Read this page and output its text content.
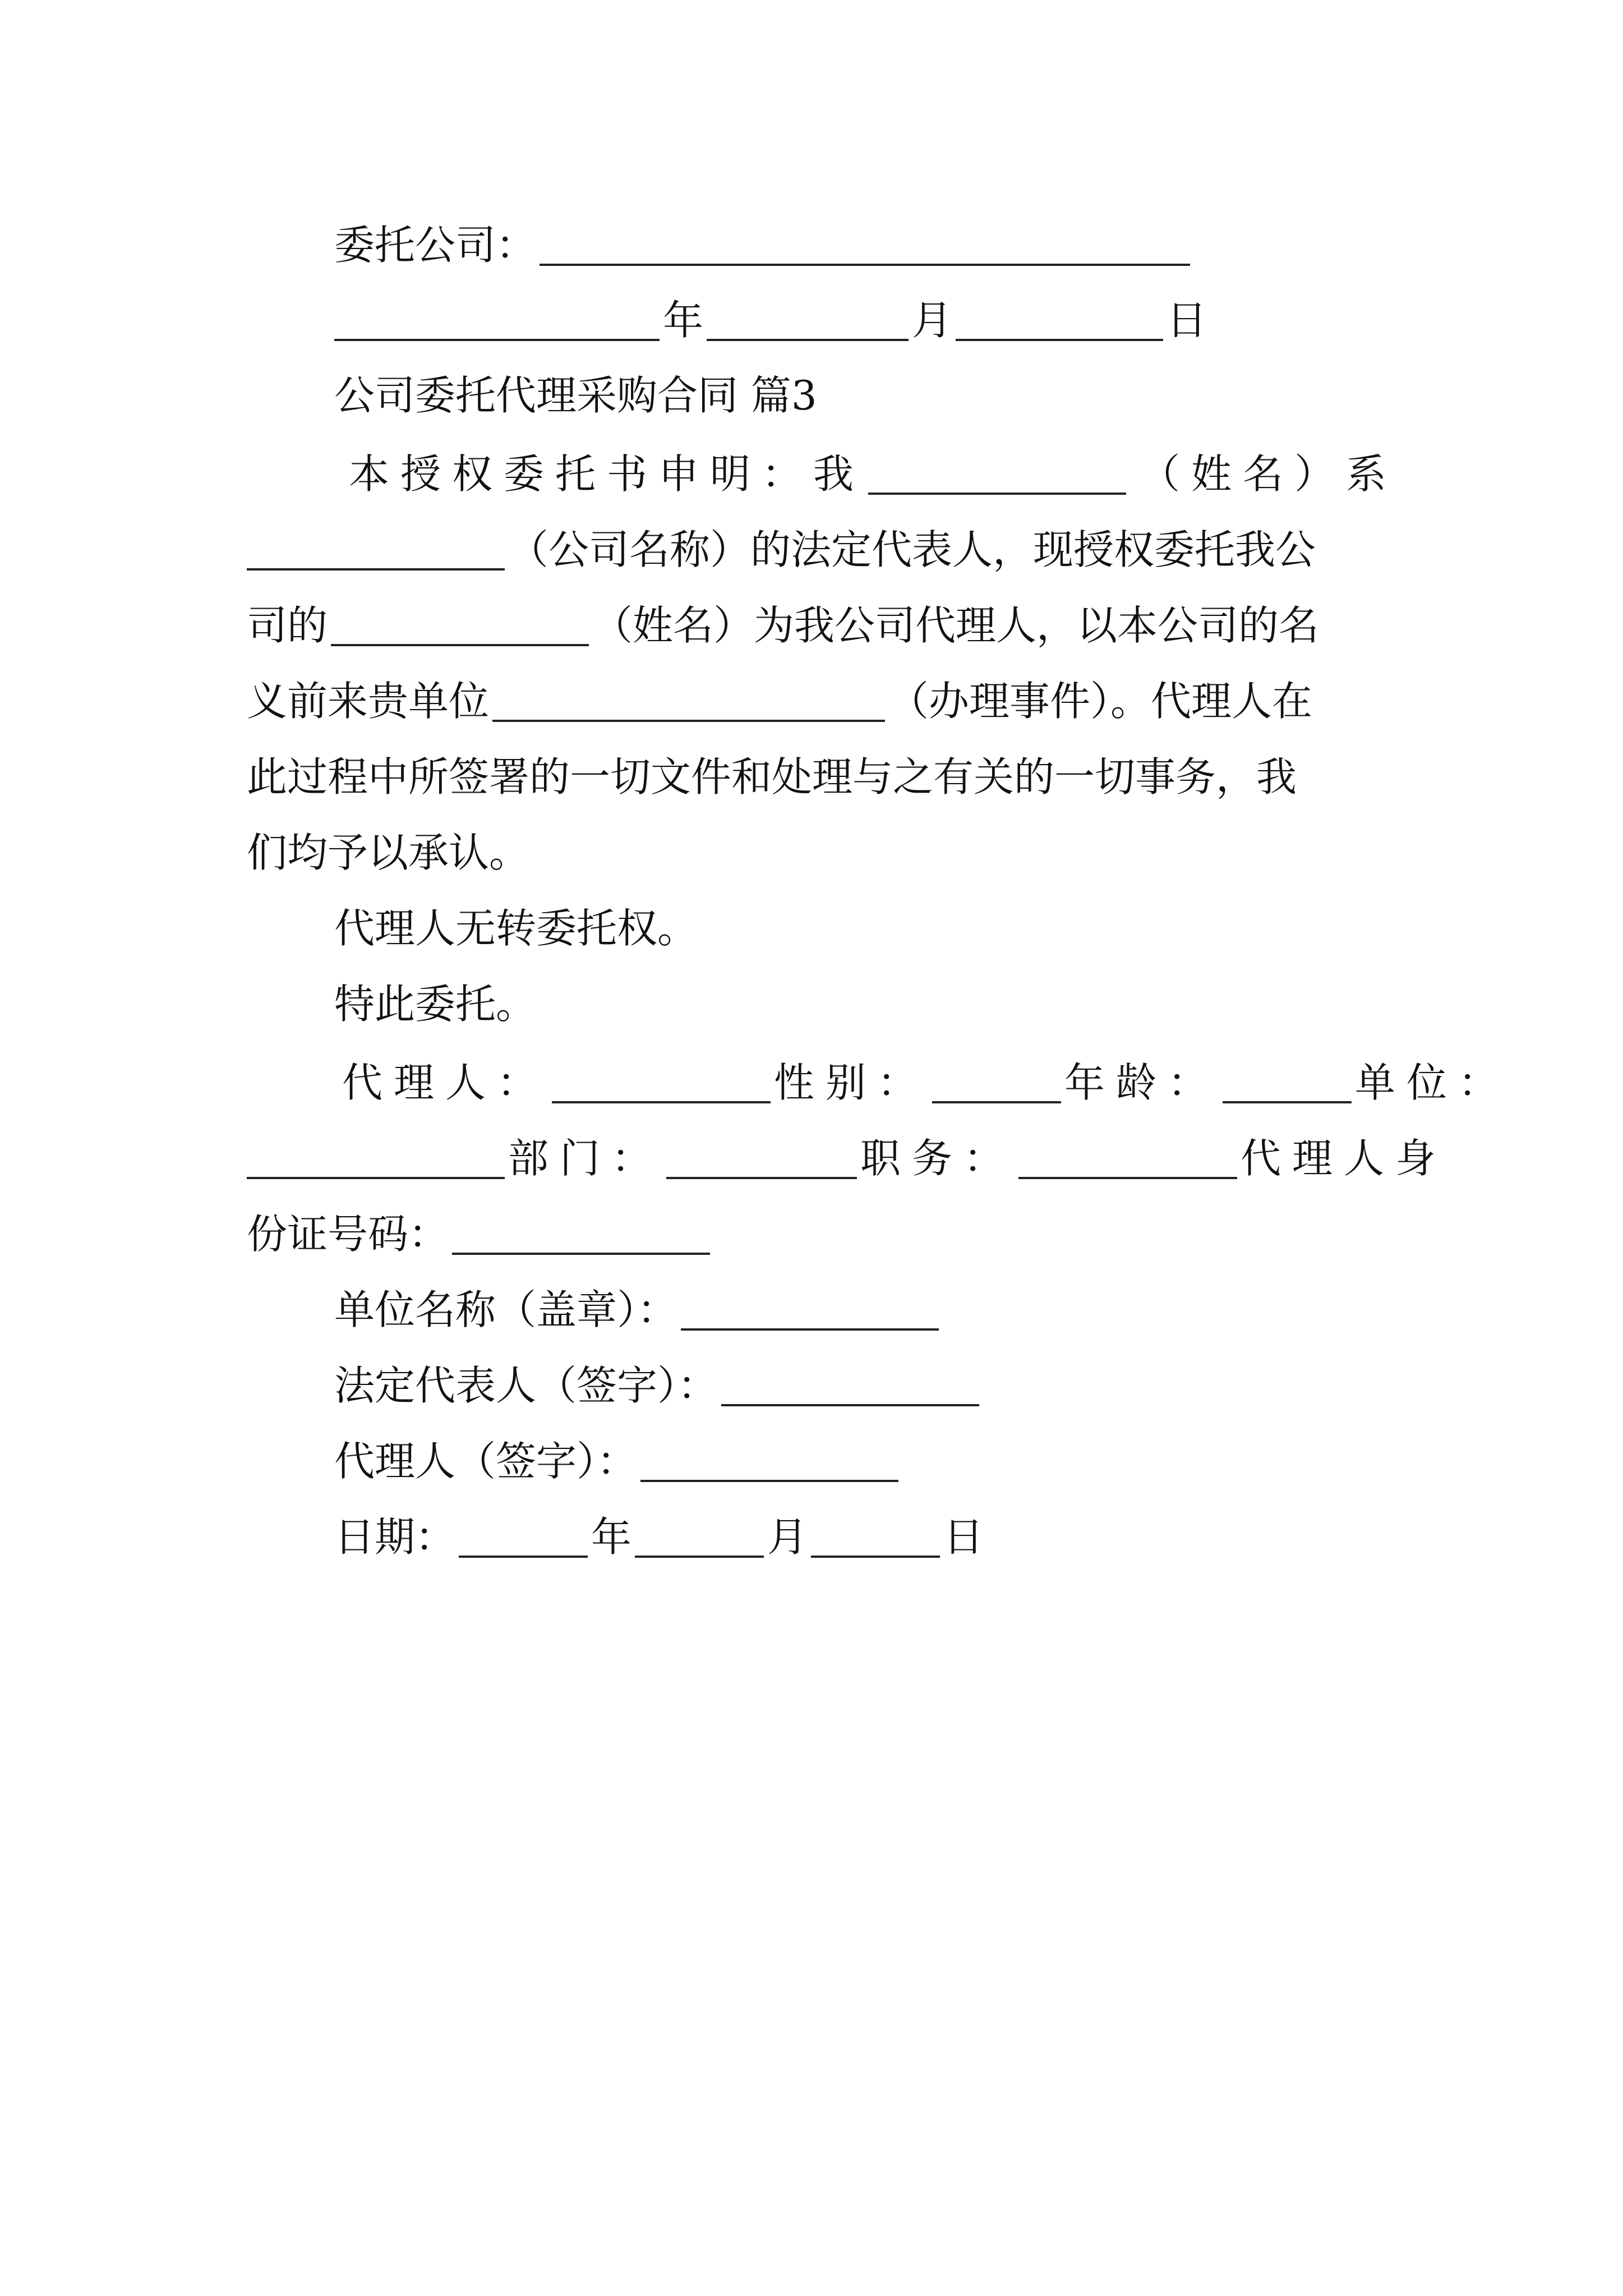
委托公司：
年	月	日
公司委托代理采购合同 篇3
本授权委托书申明：我	（姓名）系
（公司名称）的法定代表人，现授权委托我公
司的	（姓名）为我公司代理人，以本公司的名
义前来贵单位	（办理事件）。代理人在
此过程中所签署的一切文件和处理与之有关的一切事务，我
们均予以承认。
代理人无转委托权。
特此委托。
代理人：	性别：	年龄：	单位：
部门：	职务：	代理人身
份证号码：
单位名称（盖章）：
法定代表人（签字）：
代理人（签字）：
日期：	年	月	日
